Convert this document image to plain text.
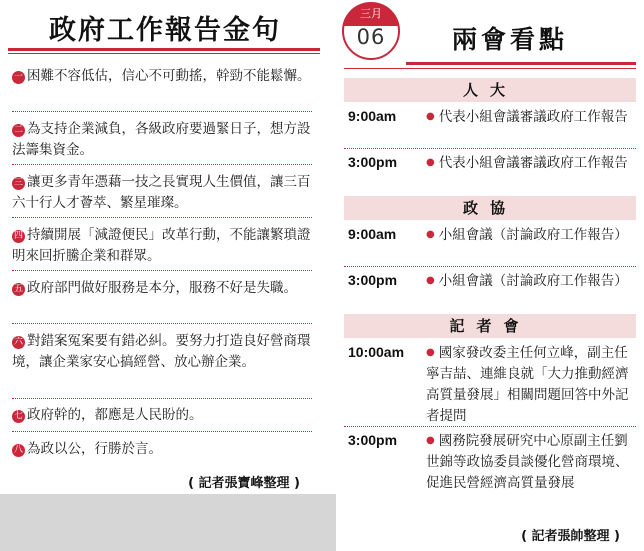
政府工作報告金句
一 困難不容低估，信心不可動搖，幹勁不能鬆懈。
二 為支持企業減負，各級政府要過緊日子，想方設法籌集資金。
三 讓更多青年憑藉一技之長實現人生價值，讓三百六十行人才薈萃、繁星璀璨。
四 持續開展「減證便民」改革行動，不能讓繁瑣證明來回折騰企業和群眾。
五 政府部門做好服務是本分，服務不好是失職。
六 對錯案冤案要有錯必糾。要努力打造良好營商環境，讓企業家安心搞經營、放心辦企業。
七 政府幹的，都應是人民盼的。
八 為政以公，行勝於言。
( 記者張寶峰整理 )
三月
06	兩會看點
人大
9:00am	● 代表小組會議審議政府工作報告
3:00pm	● 代表小組會議審議政府工作報告
政協
9:00am	● 小組會議（討論政府工作報告）
3:00pm	● 小組會議（討論政府工作報告）
記者會
10:00am ● 國家發改委主任何立峰，副主任寧吉喆、連維良就「大力推動經濟高質量發展」相關問題回答中外記者提問
3:00pm	● 國務院發展研究中心原副主任劉世錦等政協委員談優化營商環境、促進民營經濟高質量發展
( 記者張帥整理 )
